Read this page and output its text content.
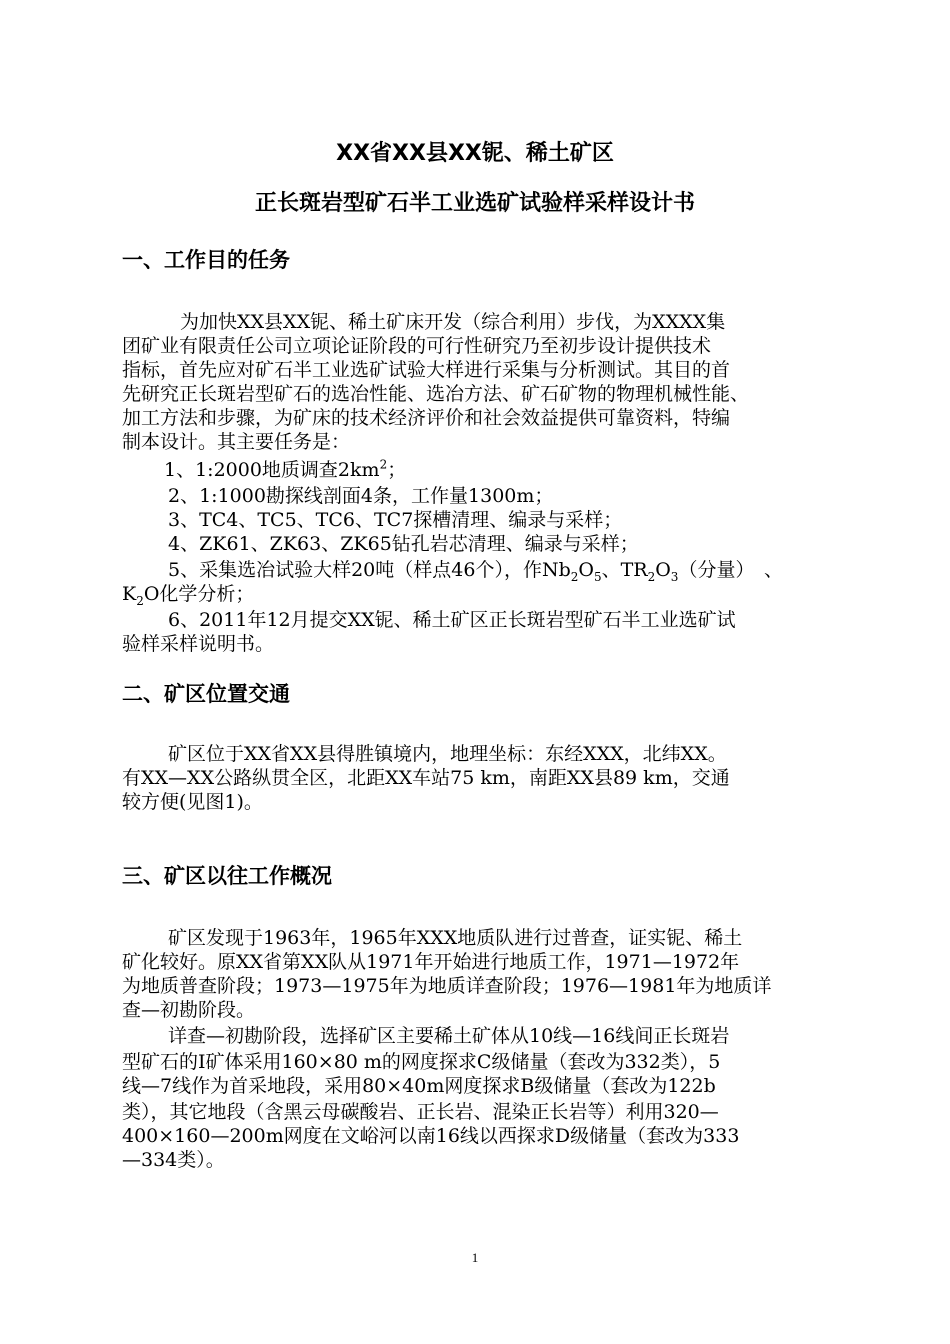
XX省XX县XX铌、稀土矿区
正长斑岩型矿石半工业选矿试验样采样设计书
一、工作目的任务
为加快XX县XX铌、稀土矿床开发（综合利用）步伐，为XXXX集
团矿业有限责任公司立项论证阶段的可行性研究乃至初步设计提供技术
指标，首先应对矿石半工业选矿试验大样进行采集与分析测试。其目的首
先研究正长斑岩型矿石的选冶性能、选冶方法、矿石矿物的物理机械性能、
加工方法和步骤，为矿床的技术经济评价和社会效益提供可靠资料，特编
制本设计。其主要任务是：
1、1:2000地质调查$2km^2$；
2、1:1000勘探线剖面4条，工作量1300m；
3、TC4、TC5、TC6、TC7探槽清理、编录与采样；
4、ZK61、ZK63、ZK65钻孔岩芯清理、编录与采样；
5、采集选冶试验大样20吨（样点46个），作$Nb_2O_5$、$TR_2O_3$（分量）　、
$K_2O$化学分析；
6、2011年12月提交XX铌、稀土矿区正长斑岩型矿石半工业选矿试
验样采样说明书。
二、矿区位置交通
矿区位于XX省XX县得胜镇境内，地理坐标：东经XXX，北纬XX。
有XX—XX公路纵贯全区，北距XX车站75 km，南距XX县89 km，交通
较方便(见图1)。
三、矿区以往工作概况
矿区发现于1963年，1965年XXX地质队进行过普查，证实铌、稀土
矿化较好。原XX省第XX队从1971年开始进行地质工作，1971—1972年
为地质普查阶段；1973—1975年为地质详查阶段；1976—1981年为地质详
查—初勘阶段。
详查—初勘阶段，选择矿区主要稀土矿体从10线—16线间正长斑岩
型矿石的I矿体采用160×80 m的网度探求C级储量（套改为332类），5
线—7线作为首采地段，采用80×40m网度探求B级储量（套改为122b
类），其它地段（含黑云母碳酸岩、正长岩、混染正长岩等）利用320—
400×160—200m网度在文峪河以南16线以西探求D级储量（套改为333
—334类）。
1
